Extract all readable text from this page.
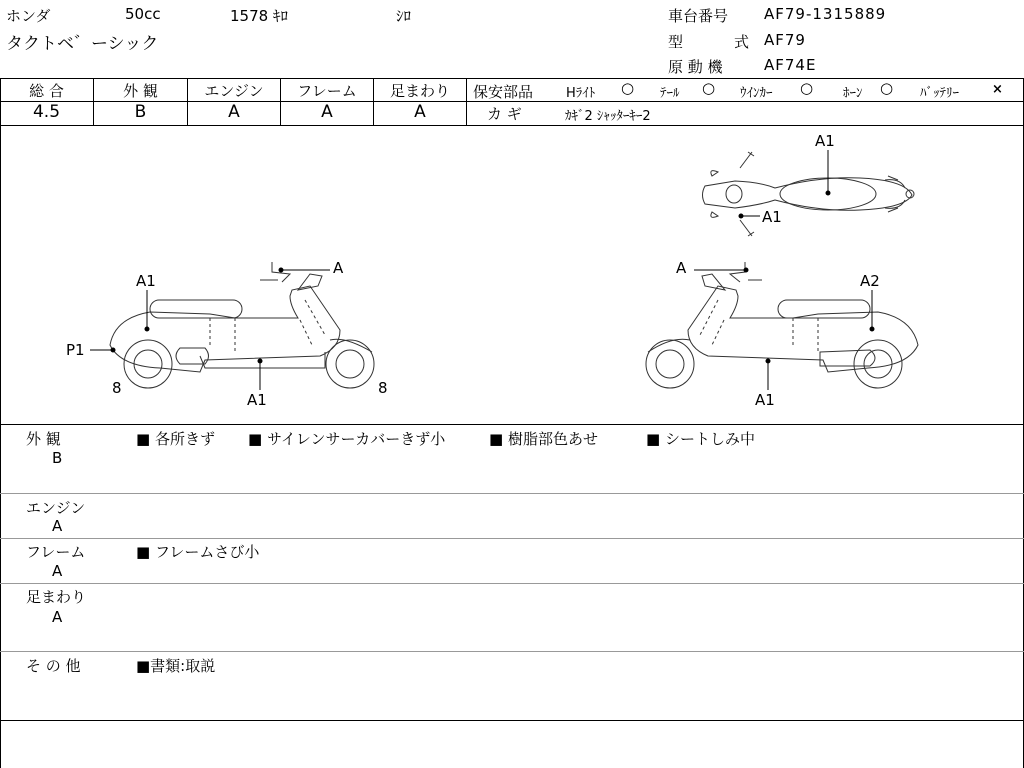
ホンダ	50cc	1578 ｷﾛ	ｼﾛ
タクトベ゛ーシック
車台番号 AF79-1315889
型	式 AF79
原 動 機	AF74E
総 合	外 観	エンジン	フレーム	足まわり
4.5	B	A	A	A
保安部品	Hﾗｲﾄ ○ ﾃｰﾙ ○ ｳｲﾝｶｰ ○ ﾎｰﾝ ○ ﾊﾞｯﾃﾘｰ	×
カ ギ	ｶｷﾞ2 ｼｬｯﾀｰｷｰ2
A1
A1
A1
A
P1
8
A1
8
A
A2
A1
外 観
B
■ 各所きず ■ サイレンサーカバーきず小	■ 樹脂部色あせ	■ シートしみ中
エンジン
A
フレーム
A
■ フレームさび小
足まわり
A
そ の 他	■書類:取説
